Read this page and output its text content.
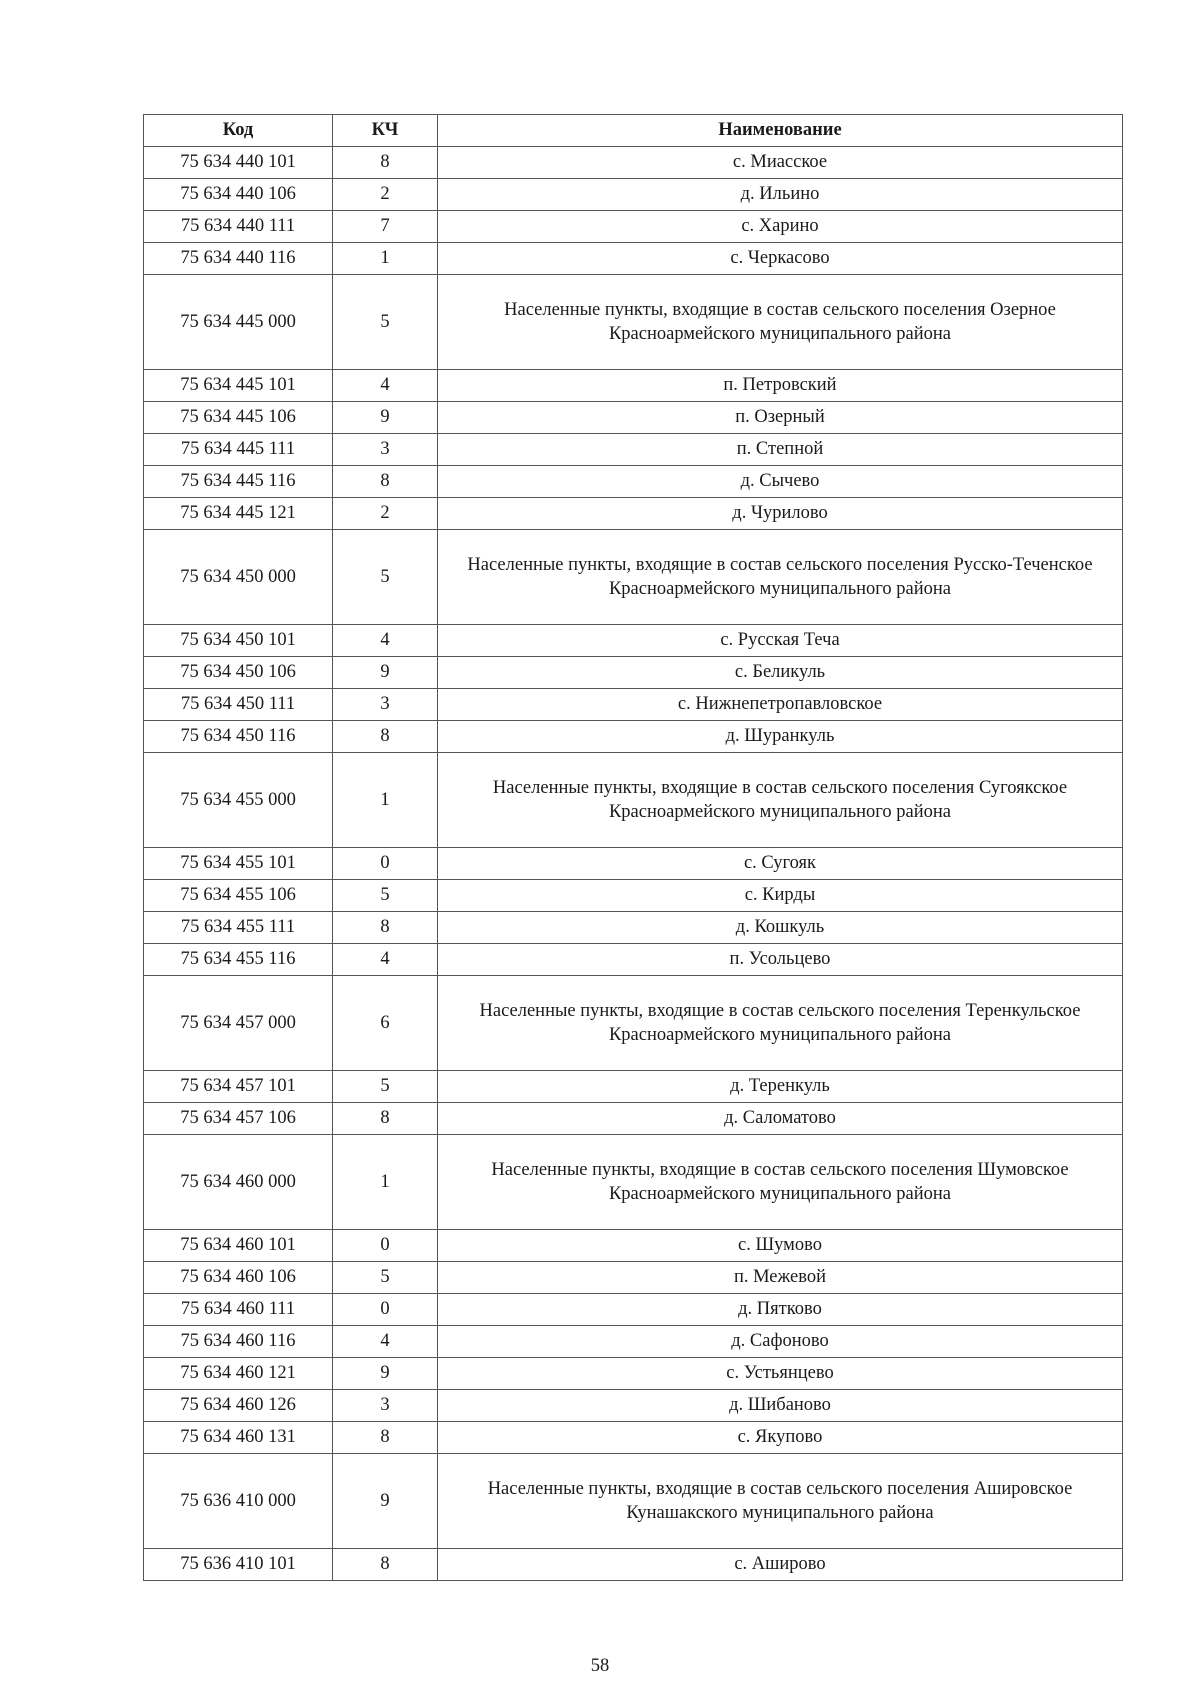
Код	КЧ	Наименование
75 634 440 101	8	с. Миасское
75 634 440 106	2	д. Ильино
75 634 440 111	7	с. Харино
75 634 440 116	1	с. Черкасово
75 634 445 000	5	Населенные пункты, входящие в состав сельского поселения Озерное Красноармейского муниципального района
75 634 445 101	4	п. Петровский
75 634 445 106	9	п. Озерный
75 634 445 111	3	п. Степной
75 634 445 116	8	д. Сычево
75 634 445 121	2	д. Чурилово
75 634 450 000	5	Населенные пункты, входящие в состав сельского поселения Русско-Теченское Красноармейского муниципального района
75 634 450 101	4	с. Русская Теча
75 634 450 106	9	с. Беликуль
75 634 450 111	3	с. Нижнепетропавловское
75 634 450 116	8	д. Шуранкуль
75 634 455 000	1	Населенные пункты, входящие в состав сельского поселения Сугоякское Красноармейского муниципального района
75 634 455 101	0	с. Сугояк
75 634 455 106	5	с. Кирды
75 634 455 111	8	д. Кошкуль
75 634 455 116	4	п. Усольцево
75 634 457 000	6	Населенные пункты, входящие в состав сельского поселения Теренкульское Красноармейского муниципального района
75 634 457 101	5	д. Теренкуль
75 634 457 106	8	д. Саломатово
75 634 460 000	1	Населенные пункты, входящие в состав сельского поселения Шумовское Красноармейского муниципального района
75 634 460 101	0	с. Шумово
75 634 460 106	5	п. Межевой
75 634 460 111	0	д. Пятково
75 634 460 116	4	д. Сафоново
75 634 460 121	9	с. Устьянцево
75 634 460 126	3	д. Шибаново
75 634 460 131	8	с. Якупово
75 636 410 000	9	Населенные пункты, входящие в состав сельского поселения Ашировское Кунашакского муниципального района
75 636 410 101	8	с. Аширово
58
